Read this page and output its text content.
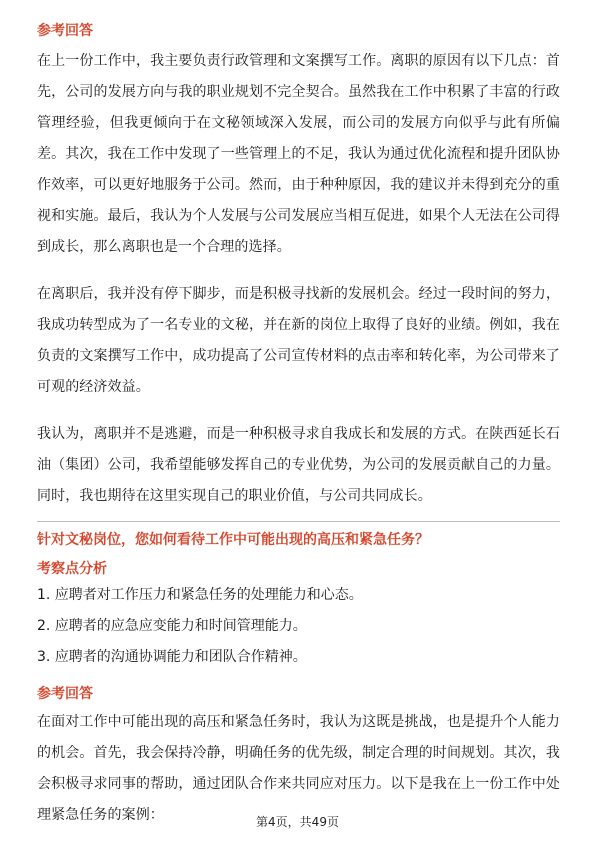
参考回答

在上一份工作中，我主要负责行政管理和文案撰写工作。离职的原因有以下几点：首先，公司的发展方向与我的职业规划不完全契合。虽然我在工作中积累了丰富的行政管理经验，但我更倾向于在文秘领域深入发展，而公司的发展方向似乎与此有所偏差。其次，我在工作中发现了一些管理上的不足，我认为通过优化流程和提升团队协作效率，可以更好地服务于公司。然而，由于种种原因，我的建议并未得到充分的重视和实施。最后，我认为个人发展与公司发展应当相互促进，如果个人无法在公司得到成长，那么离职也是一个合理的选择。

在离职后，我并没有停下脚步，而是积极寻找新的发展机会。经过一段时间的努力，我成功转型成为了一名专业的文秘，并在新的岗位上取得了良好的业绩。例如，我在负责的文案撰写工作中，成功提高了公司宣传材料的点击率和转化率，为公司带来了可观的经济效益。

我认为，离职并不是逃避，而是一种积极寻求自我成长和发展的方式。在陕西延长石油（集团）公司，我希望能够发挥自己的专业优势，为公司的发展贡献自己的力量。同时，我也期待在这里实现自己的职业价值，与公司共同成长。

针对文秘岗位，您如何看待工作中可能出现的高压和紧急任务？

考察点分析

1. 应聘者对工作压力和紧急任务的处理能力和心态。

2. 应聘者的应急应变能力和时间管理能力。

3. 应聘者的沟通协调能力和团队合作精神。

参考回答

在面对工作中可能出现的高压和紧急任务时，我认为这既是挑战，也是提升个人能力的机会。首先，我会保持冷静，明确任务的优先级，制定合理的时间规划。其次，我会积极寻求同事的帮助，通过团队合作来共同应对压力。以下是我在上一份工作中处理紧急任务的案例：	第4页，共49页
